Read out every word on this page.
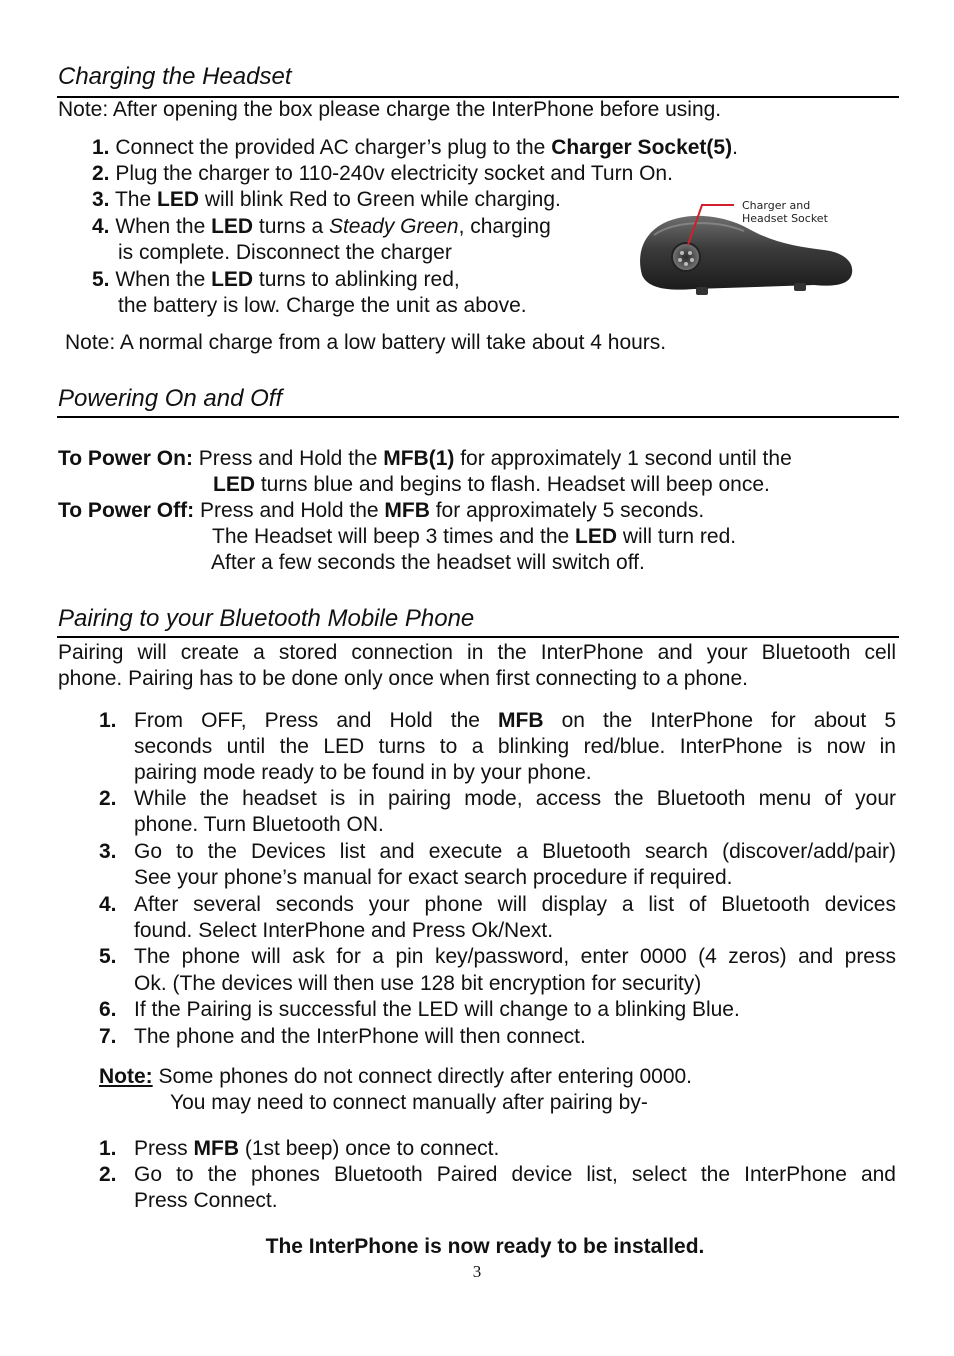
Charging the Headset
Note: After opening the box please charge the InterPhone before using.
1. Connect the provided AC charger’s plug to the Charger Socket(5).
2. Plug the charger to 110-240v electricity socket and Turn On.
3. The LED will blink Red to Green while charging.
4. When the LED turns a Steady Green, charging
is complete. Disconnect the charger
5. When the LED turns to ablinking red,
the battery is low. Charge the unit as above.
Charger and
Headset Socket
Note: A normal charge from a low battery will take about 4 hours.
Powering On and Off
To Power On: Press and Hold the MFB(1) for approximately 1 second until the
LED turns blue and begins to flash. Headset will beep once.
To Power Off: Press and Hold the MFB for approximately 5 seconds.
The Headset will beep 3 times and the LED will turn red.
After a few seconds the headset will switch off.
Pairing to your Bluetooth Mobile Phone
Pairing will create a stored connection in the InterPhone and your Bluetooth cell
phone. Pairing has to be done only once when first connecting to a phone.
1. From OFF, Press and Hold the MFB on the InterPhone for about 5
seconds until the LED turns to a blinking red/blue. InterPhone is now in
pairing mode ready to be found in by your phone.
2. While the headset is in pairing mode, access the Bluetooth menu of your
phone. Turn Bluetooth ON.
3. Go to the Devices list and execute a Bluetooth search (discover/add/pair)
See your phone’s manual for exact search procedure if required.
4. After several seconds your phone will display a list of Bluetooth devices
found. Select InterPhone and Press Ok/Next.
5. The phone will ask for a pin key/password, enter 0000 (4 zeros) and press
Ok. (The devices will then use 128 bit encryption for security)
6. If the Pairing is successful the LED will change to a blinking Blue.
7. The phone and the InterPhone will then connect.
Note: Some phones do not connect directly after entering 0000.
You may need to connect manually after pairing by-
1. Press MFB (1st beep) once to connect.
2. Go to the phones Bluetooth Paired device list, select the InterPhone and
Press Connect.
The InterPhone is now ready to be installed.
3
